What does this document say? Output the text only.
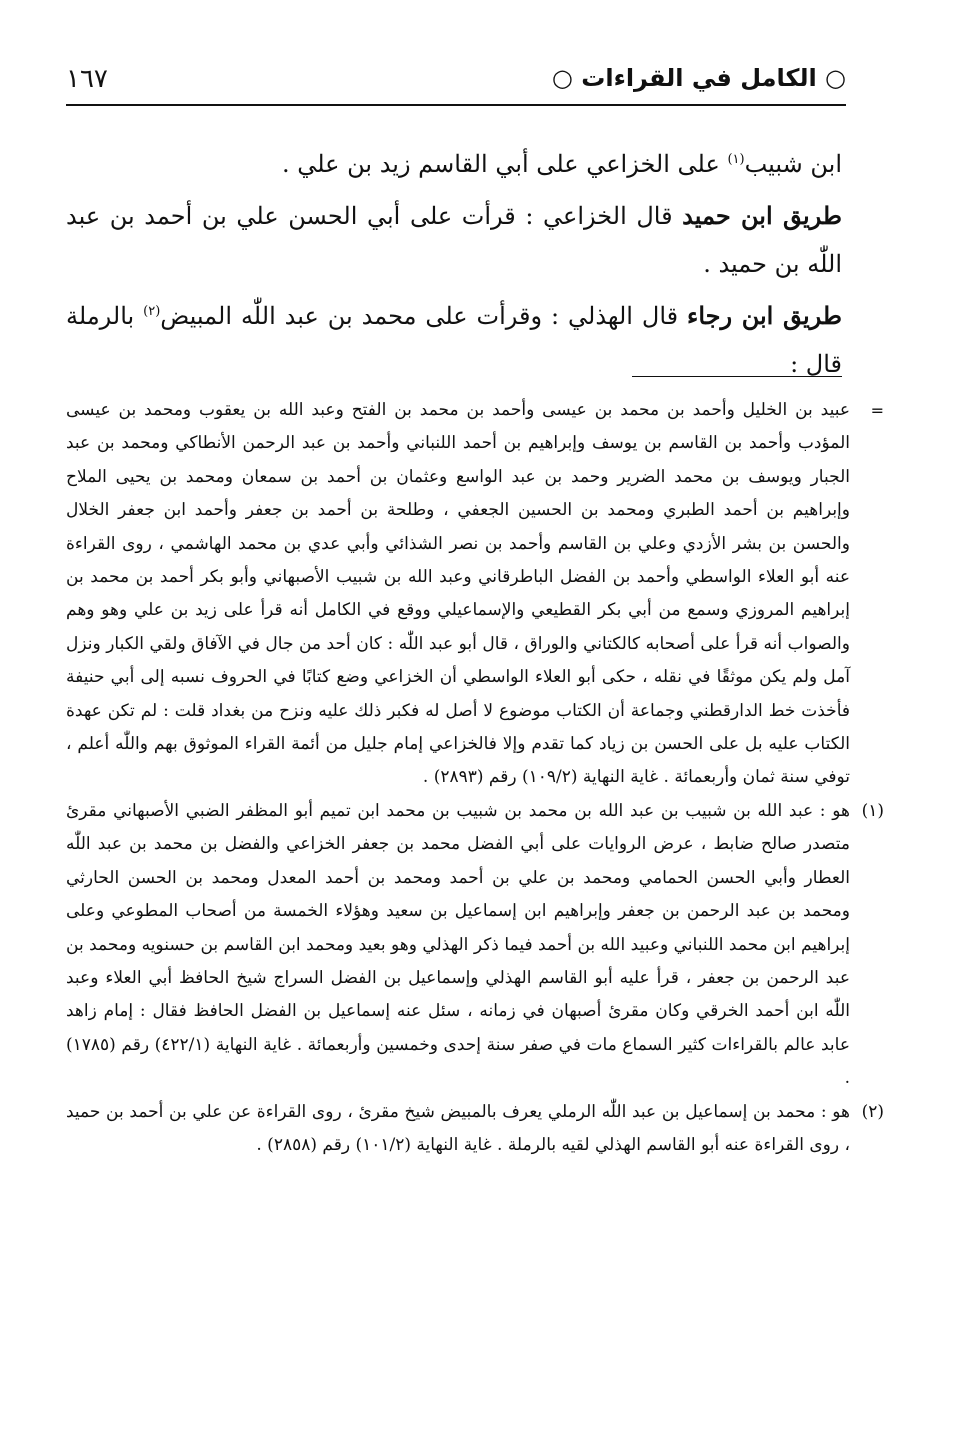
○ الكامل في القراءات ○
١٦٧

ابن شبيب$^{(١)}$ على الخزاعي على أبي القاسم زيد بن علي .

طريق ابن حميد قال الخزاعي : قرأت على أبي الحسن علي بن أحمد بن عبد اللّٰه بن حميد .

طريق ابن رجاء قال الهذلي : وقرأت على محمد بن عبد اللّٰه المبيض$^{(٢)}$ بالرملة قال :

=
عبيد بن الخليل وأحمد بن محمد بن عيسى وأحمد بن محمد بن الفتح وعبد الله بن يعقوب ومحمد بن عيسى المؤدب وأحمد بن القاسم بن يوسف وإبراهيم بن أحمد اللنباني وأحمد بن عبد الرحمن الأنطاكي ومحمد بن عبد الجبار ويوسف بن محمد الضرير وحمد بن عبد الواسع وعثمان بن أحمد بن سمعان ومحمد بن يحيى الملاح وإبراهيم بن أحمد الطبري ومحمد بن الحسين الجعفي ، وطلحة بن أحمد بن جعفر وأحمد ابن جعفر الخلال والحسن بن بشر الأزدي وعلي بن القاسم وأحمد بن نصر الشذائي وأبي عدي بن محمد الهاشمي ، روى القراءة عنه أبو العلاء الواسطي وأحمد بن الفضل الباطرقاني وعبد الله بن شبيب الأصبهاني وأبو بكر أحمد بن محمد بن إبراهيم المروزي وسمع من أبي بكر القطيعي والإسماعيلي ووقع في الكامل أنه قرأ على زيد بن علي وهو وهم والصواب أنه قرأ على أصحابه كالكتاني والوراق ، قال أبو عبد اللّٰه : كان أحد من جال في الآفاق ولقي الكبار ونزل آمل ولم يكن موثقًا في نقله ، حكى أبو العلاء الواسطي أن الخزاعي وضع كتابًا في الحروف نسبه إلى أبي حنيفة فأخذت خط الدارقطني وجماعة أن الكتاب موضوع لا أصل له فكبر ذلك عليه ونزح من بغداد قلت : لم تكن عهدة الكتاب عليه بل على الحسن بن زياد كما تقدم وإلا فالخزاعي إمام جليل من أئمة القراء الموثوق بهم واللّٰه أعلم ، توفي سنة ثمان وأربعمائة . غاية النهاية (١٠٩/٢) رقم (٢٨٩٣) .

(١)
هو : عبد الله بن شبيب بن عبد الله بن محمد بن شبيب بن محمد ابن تميم أبو المظفر الضبي الأصبهاني مقرئ متصدر صالح ضابط ، عرض الروايات على أبي الفضل محمد بن جعفر الخزاعي والفضل بن محمد بن عبد اللّٰه العطار وأبي الحسن الحمامي ومحمد بن علي بن أحمد ومحمد بن أحمد المعدل ومحمد بن الحسن الحارثي ومحمد بن عبد الرحمن بن جعفر وإبراهيم ابن إسماعيل بن سعيد وهؤلاء الخمسة من أصحاب المطوعي وعلى إبراهيم ابن محمد اللنباني وعبيد الله بن أحمد فيما ذكر الهذلي وهو بعيد ومحمد ابن القاسم بن حسنويه ومحمد بن عبد الرحمن بن جعفر ، قرأ عليه أبو القاسم الهذلي وإسماعيل بن الفضل السراج شيخ الحافظ أبي العلاء وعبد اللّٰه ابن أحمد الخرقي وكان مقرئ أصبهان في زمانه ، سئل عنه إسماعيل بن الفضل الحافظ فقال : إمام زاهد عابد عالم بالقراءات كثير السماع مات في صفر سنة إحدى وخمسين وأربعمائة . غاية النهاية (٤٢٢/١) رقم (١٧٨٥) .

(٢)
هو : محمد بن إسماعيل بن عبد اللّٰه الرملي يعرف بالمبيض شيخ مقرئ ، روى القراءة عن علي بن أحمد بن حميد ، روى القراءة عنه أبو القاسم الهذلي لقيه بالرملة . غاية النهاية (١٠١/٢) رقم (٢٨٥٨) .
